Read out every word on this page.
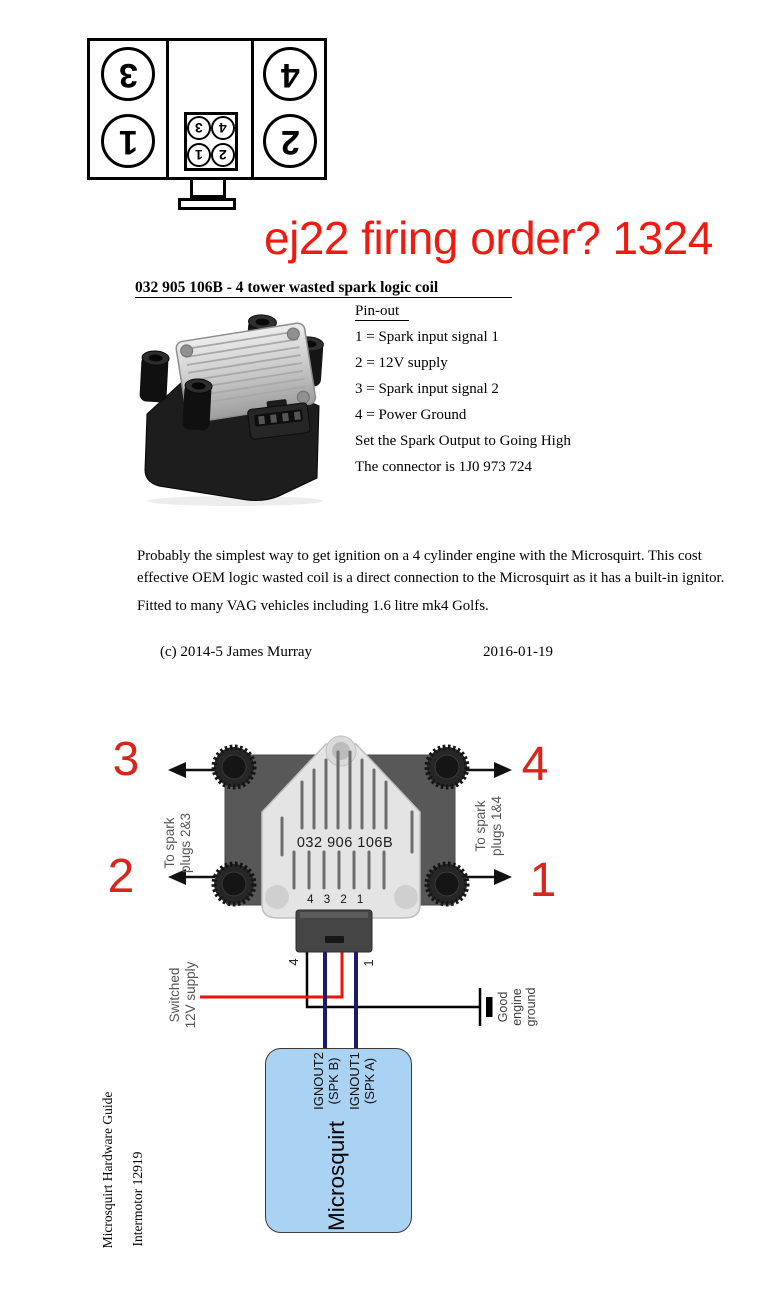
3
1
4
2
3 4
1 2
ej22 firing order? 1324
032 905 106B - 4 tower wasted spark logic coil
Pin-out
1 = Spark input signal 1
2 = 12V supply
3 = Spark input signal 2
4 = Power Ground
Set the Spark Output to Going High
The connector is 1J0 973 724

Probably the simplest way to get ignition on a 4 cylinder engine with the Microsquirt. This cost effective OEM logic wasted coil is a direct connection to the Microsquirt as it has a built-in ignitor.

Fitted to many VAG vehicles including 1.6 litre mk4 Golfs.

(c) 2014-5 James Murray	2016-01-19
032 906 106B
4 3 2 1
3
2
4
1
To spark plugs 2&3	To spark plugs 1&4
4	1
Switched 12V supply	Good engine ground
IGNOUT2 (SPK B) IGNOUT1 (SPK A)
Microsquirt
Microsquirt Hardware Guide Intermotor 12919
